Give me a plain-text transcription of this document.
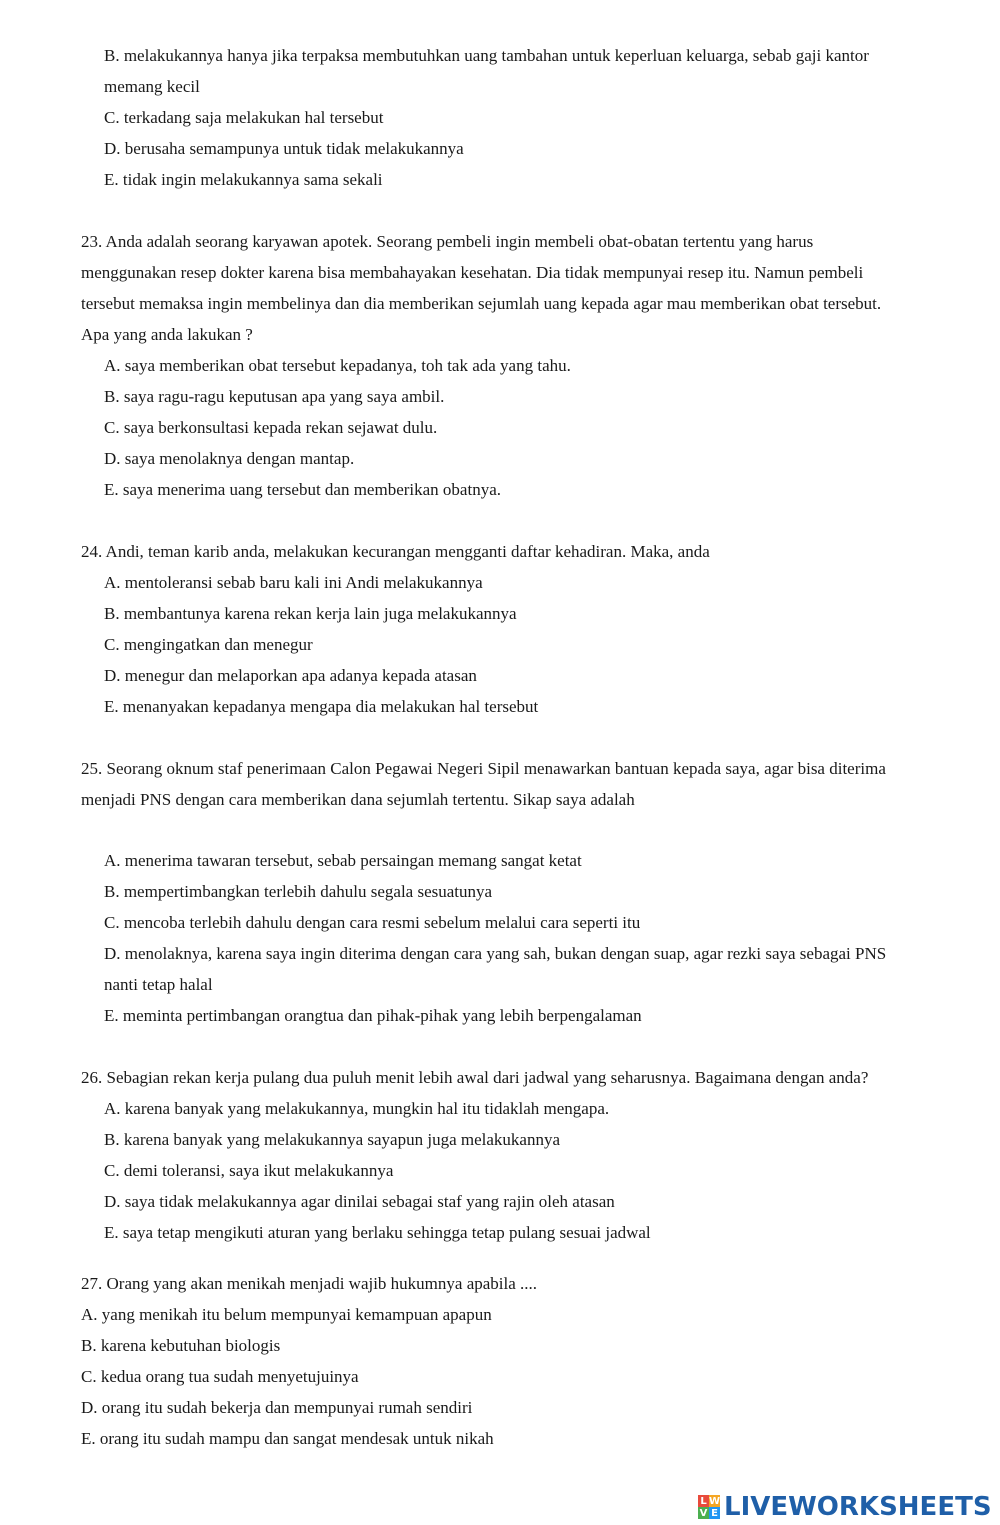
B. melakukannya hanya jika terpaksa membutuhkan uang tambahan untuk keperluan keluarga, sebab gaji kantor
memang kecil
C. terkadang saja melakukan hal tersebut
D. berusaha semampunya untuk tidak melakukannya
E. tidak ingin melakukannya sama sekali
23. Anda adalah seorang karyawan apotek. Seorang pembeli ingin membeli obat-obatan tertentu yang harus
menggunakan resep dokter karena bisa membahayakan kesehatan. Dia tidak mempunyai resep itu. Namun pembeli
tersebut memaksa ingin membelinya dan dia memberikan sejumlah uang kepada agar mau memberikan obat tersebut.
Apa yang anda lakukan ?
A. saya memberikan obat tersebut kepadanya, toh tak ada yang tahu.
B. saya ragu-ragu keputusan apa yang saya ambil.
C. saya berkonsultasi kepada rekan sejawat dulu.
D. saya menolaknya dengan mantap.
E. saya menerima uang tersebut dan memberikan obatnya.
24. Andi, teman karib anda, melakukan kecurangan mengganti daftar kehadiran. Maka, anda
A. mentoleransi sebab baru kali ini Andi melakukannya
B. membantunya karena rekan kerja lain juga melakukannya
C. mengingatkan dan menegur
D. menegur dan melaporkan apa adanya kepada atasan
E. menanyakan kepadanya mengapa dia melakukan hal tersebut
25. Seorang oknum staf penerimaan Calon Pegawai Negeri Sipil menawarkan bantuan kepada saya, agar bisa diterima
menjadi PNS dengan cara memberikan dana sejumlah tertentu. Sikap saya adalah
A. menerima tawaran tersebut, sebab persaingan memang sangat ketat
B. mempertimbangkan terlebih dahulu segala sesuatunya
C. mencoba terlebih dahulu dengan cara resmi sebelum melalui cara seperti itu
D. menolaknya, karena saya ingin diterima dengan cara yang sah, bukan dengan suap, agar rezki saya sebagai PNS
nanti tetap halal
E. meminta pertimbangan orangtua dan pihak-pihak yang lebih berpengalaman
26. Sebagian rekan kerja pulang dua puluh menit lebih awal dari jadwal yang seharusnya. Bagaimana dengan anda?
A. karena banyak yang melakukannya, mungkin hal itu tidaklah mengapa.
B. karena banyak yang melakukannya sayapun juga melakukannya
C. demi toleransi, saya ikut melakukannya
D. saya tidak melakukannya agar dinilai sebagai staf yang rajin oleh atasan
E. saya tetap mengikuti aturan yang berlaku sehingga tetap pulang sesuai jadwal
27. Orang yang akan menikah menjadi wajib hukumnya apabila ....
A. yang menikah itu belum mempunyai kemampuan apapun
B. karena kebutuhan biologis
C. kedua orang tua sudah menyetujuinya
D. orang itu sudah bekerja dan mempunyai rumah sendiri
E. orang itu sudah mampu dan sangat mendesak untuk nikah
L W
V E LIVEWORKSHEETS
